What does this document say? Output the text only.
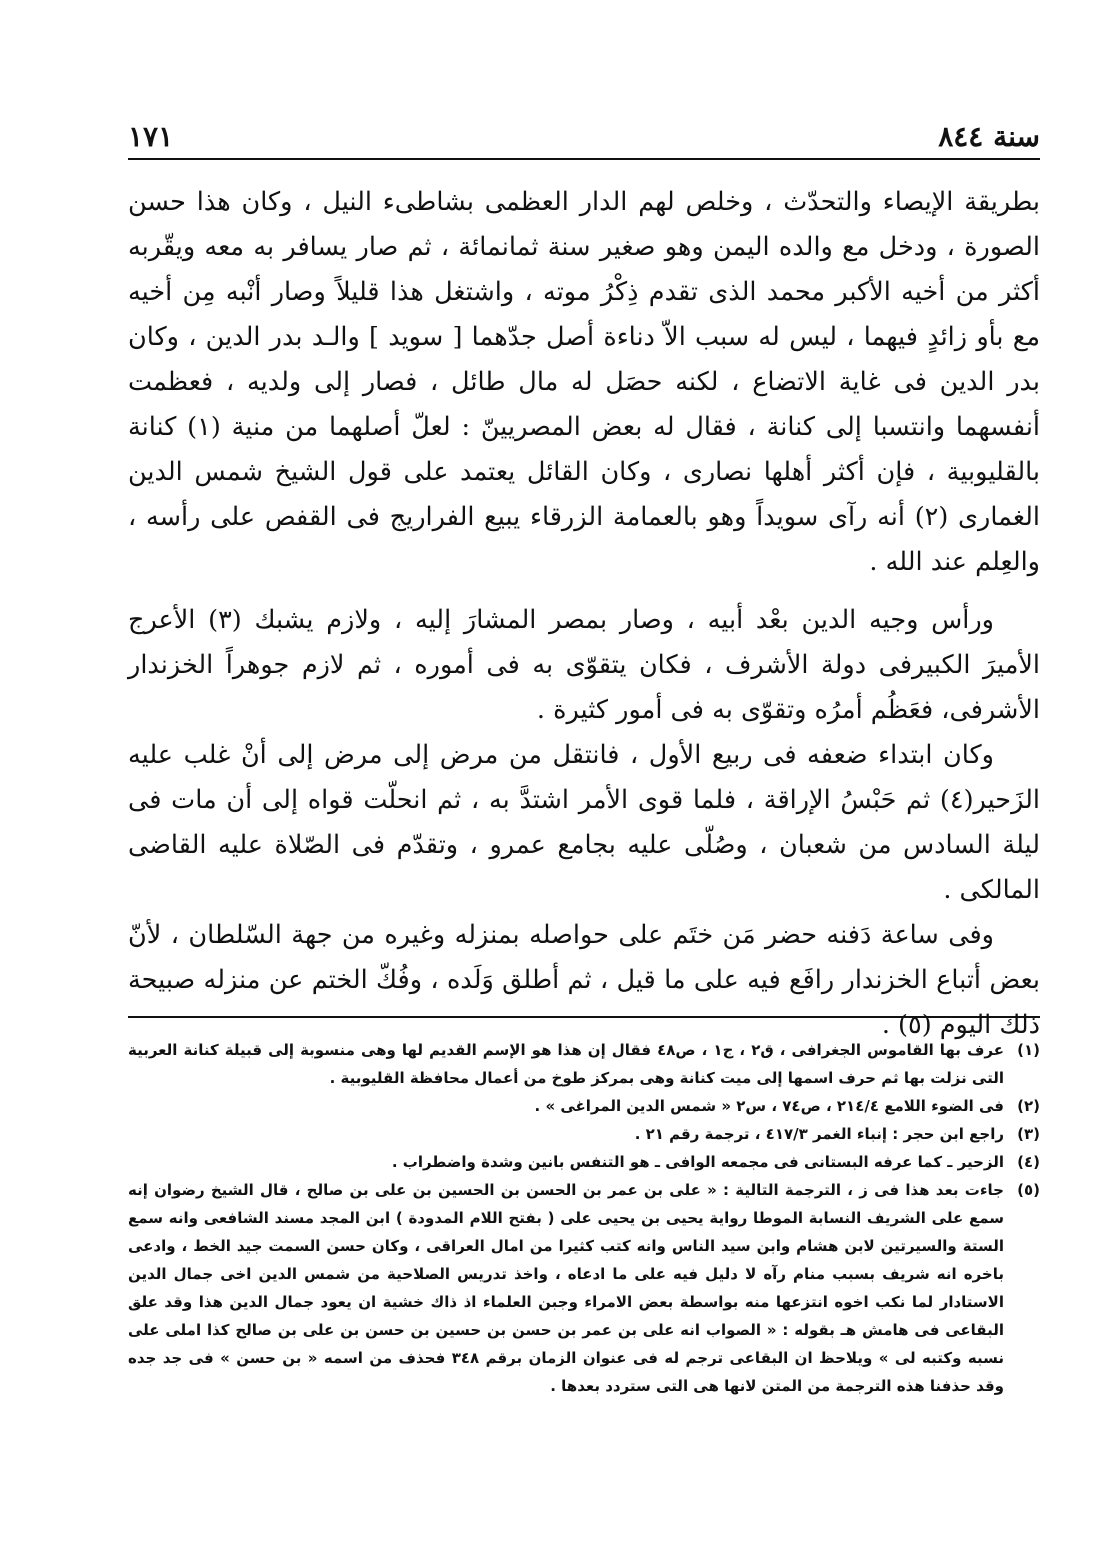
سنة ٨٤٤
١٧١

بطريقة الإيصاء والتحدّث ، وخلص لهم الدار العظمى بشاطىء النيل ، وكان هذا حسن الصورة ، ودخل مع والده اليمن وهو صغير سنة ثمانمائة ، ثم صار يسافر به معه ويقّربه أكثر من أخيه الأكبر محمد الذى تقدم ذِكْرُ موته ، واشتغل هذا قليلاً وصار أنْبه مِن أخيه مع بأو زائدٍ فيهما ، ليس له سبب الاّ دناءة أصل جدّهما [ سويد ] والـد بدر الدين ، وكان بدر الدين فى غاية الاتضاع ، لكنه حصَل له مال طائل ، فصار إلى ولديه ، فعظمت أنفسهما وانتسبا إلى كنانة ، فقال له بعض المصريينّ : لعلّ أصلهما من منية (١) كنانة بالقليوبية ، فإن أكثر أهلها نصارى ، وكان القائل يعتمد على قول الشيخ شمس الدين الغمارى (٢) أنه رآى سويداً وهو بالعمامة الزرقاء يبيع الفراريج فى القفص على رأسه ، والعِلم عند الله .

ورأس وجيه الدين بعْد أبيه ، وصار بمصر المشارَ إليه ، ولازم يشبك (٣) الأعرج الأميرَ الكبيرفى دولة الأشرف ، فكان يتقوّى به فى أموره ، ثم لازم جوهراً الخزندار الأشرفى، فعَظُم أمرُه وتقوّى به فى أمور كثيرة .

وكان ابتداء ضعفه فى ربيع الأول ، فانتقل من مرض إلى مرض إلى أنْ غلب عليه الزَحير(٤) ثم حَبْسُ الإراقة ، فلما قوى الأمر اشتدَّ به ، ثم انحلّت قواه إلى أن مات فى ليلة السادس من شعبان ، وصُلّى عليه بجامع عمرو ، وتقدّم فى الصّلاة عليه القاضى المالكى .

وفى ساعة دَفنه حضر مَن ختَم على حواصله بمنزله وغيره من جهة السّلطان ، لأنّ بعض أتباع الخزندار رافَع فيه على ما قيل ، ثم أطلق وَلَده ، وفُكّ الختم عن منزله صبيحة ذلك اليوم (٥) .

(١)
عرف بها القاموس الجغرافى ، ق٢ ، ج١ ، ص٤٨ فقال إن هذا هو الإسم القديم لها وهى منسوبة إلى قبيلة كنانة العربية التى نزلت بها ثم حرف اسمها إلى ميت كنانة وهى بمركز طوخ من أعمال محافظة القليوبية .
(٢)
فى الضوء اللامع ٢١٤/٤ ، ص٧٤ ، س٢ « شمس الدين المراغى » .
(٣)
راجع ابن حجر : إنباء الغمر ٤١٧/٣ ، ترجمة رقم ٢١ .
(٤)
الزحير ـ كما عرفه البستانى فى مجمعه الوافى ـ هو التنفس بانين وشدة واضطراب .
(٥)
جاءت بعد هذا فى ز ، الترجمة التالية : « على بن عمر بن الحسن بن الحسين بن على بن صالح ، قال الشيخ رضوان إنه سمع على الشريف النسابة الموطا رواية يحيى بن يحيى على ( بفتح اللام المدودة ) ابن المجد مسند الشافعى وانه سمع الستة والسيرتين لابن هشام وابن سيد الناس وانه كتب كثيرا من امال العراقى ، وكان حسن السمت جيد الخط ، وادعى باخره انه شريف بسبب منام رآه لا دليل فيه على ما ادعاه ، واخذ تدريس الصلاحية من شمس الدين اخى جمال الدين الاستادار لما نكب اخوه انتزعها منه بواسطة بعض الامراء وجبن العلماء اذ ذاك خشية ان يعود جمال الدين هذا وقد علق البقاعى فى هامش هـ بقوله : « الصواب انه على بن عمر بن حسن بن حسين بن حسن بن على بن صالح كذا املى على نسبه وكتبه لى » ويلاحظ ان البقاعى ترجم له فى عنوان الزمان برقم ٣٤٨ فحذف من اسمه « بن حسن » فى جد جده وقد حذفنا هذه الترجمة من المتن لانها هى التى ستردد بعدها .
